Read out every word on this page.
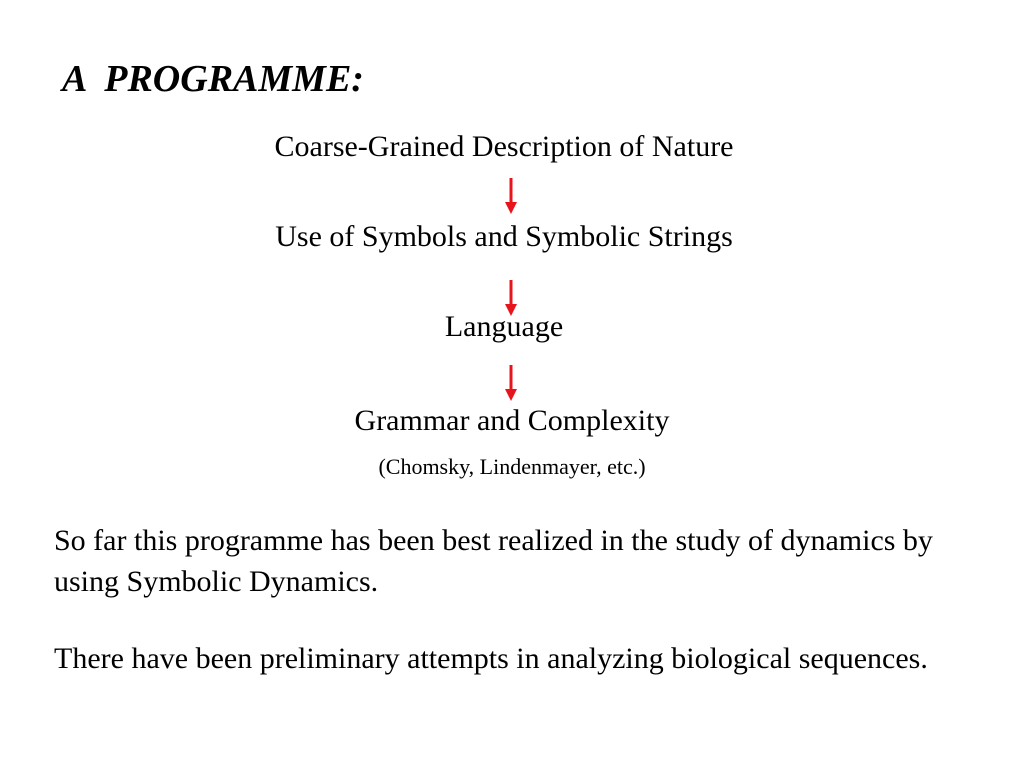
A  PROGRAMME:
Coarse-Grained Description of Nature
Use of Symbols and Symbolic Strings
Language
Grammar and Complexity
(Chomsky, Lindenmayer, etc.)
So far this programme has been best realized in the study of dynamics by using Symbolic Dynamics.
There have been preliminary attempts in analyzing biological sequences.
